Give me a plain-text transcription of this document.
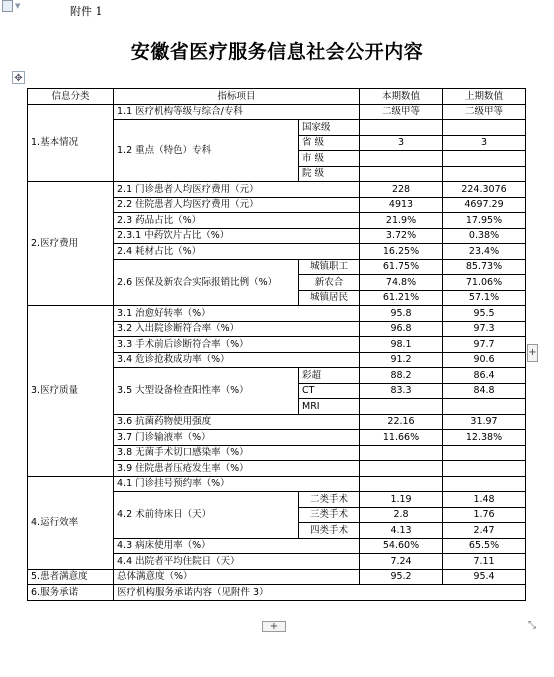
▼	附件 1
安徽省医疗服务信息社会公开内容
✥
信息分类	指标项目		本期数值	上期数值
1.基本情况	1.1 医疗机构等级与综合/专科		二级甲等	二级甲等
	1.2 重点（特色）专科	国家级		
		省 级	3	3
		市 级		
		院 级		
2.医疗费用	2.1 门诊患者人均医疗费用（元）		228	224.3076
	2.2 住院患者人均医疗费用（元）		4913	4697.29
	2.3 药品占比（%）		21.9%	17.95%
	2.3.1 中药饮片占比（%）		3.72%	0.38%
	2.4 耗材占比（%）		16.25%	23.4%
	2.6 医保及新农合实际报销比例（%）	城镇职工	61.75%	85.73%
		新农合	74.8%	71.06%
		城镇居民	61.21%	57.1%
3.医疗质量	3.1 治愈好转率（%）		95.8	95.5
	3.2 入出院诊断符合率（%）		96.8	97.3
	3.3 手术前后诊断符合率（%）		98.1	97.7
	3.4 危诊抢救成功率（%）		91.2	90.6
	3.5 大型设备检查阳性率（%）	彩超	88.2	86.4
		CT	83.3	84.8
		MRI		
	3.6 抗菌药物使用强度		22.16	31.97
	3.7 门诊输液率（%）		11.66%	12.38%
	3.8 无菌手术切口感染率（%）			
	3.9 住院患者压疮发生率（%）			
4.运行效率	4.1 门诊挂号预约率（%）			
	4.2 术前待床日（天）	二类手术	1.19	1.48
		三类手术	2.8	1.76
		四类手术	4.13	2.47
	4.3 病床使用率（%）		54.60%	65.5%
	4.4 出院者平均住院日（天）		7.24	7.11
5.患者满意度	总体满意度（%）		95.2	95.4
6.服务承诺	医疗机构服务承诺内容（见附件 3）			
+
+	⤡
